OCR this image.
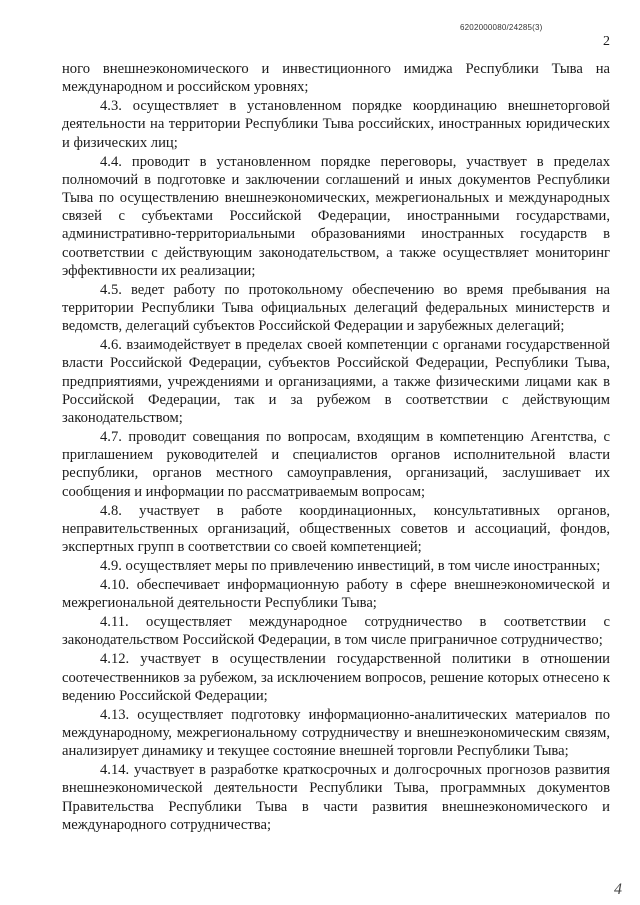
6202000080/24285(3)
2

ного внешнеэкономического и инвестиционного имиджа Республики Тыва на международном и российском уровнях;

4.3. осуществляет в установленном порядке координацию внешнеторговой деятельности на территории Республики Тыва российских, иностранных юридических и физических лиц;

4.4. проводит в установленном порядке переговоры, участвует в пределах полномочий в подготовке и заключении соглашений и иных документов Республики Тыва по осуществлению внешнеэкономических, межрегиональных и международных связей с субъектами Российской Федерации, иностранными государствами, административно-территориальными образованиями иностранных государств в соответствии с действующим законодательством, а также осуществляет мониторинг эффективности их реализации;

4.5. ведет работу по протокольному обеспечению во время пребывания на территории Республики Тыва официальных делегаций федеральных министерств и ведомств, делегаций субъектов Российской Федерации и зарубежных делегаций;

4.6. взаимодействует в пределах своей компетенции с органами государственной власти Российской Федерации, субъектов Российской Федерации, Республики Тыва, предприятиями, учреждениями и организациями, а также физическими лицами как в Российской Федерации, так и за рубежом в соответствии с действующим законодательством;

4.7. проводит совещания по вопросам, входящим в компетенцию Агентства, с приглашением руководителей и специалистов органов исполнительной власти республики, органов местного самоуправления, организаций, заслушивает их сообщения и информации по рассматриваемым вопросам;

4.8. участвует в работе координационных, консультативных органов, неправительственных организаций, общественных советов и ассоциаций, фондов, экспертных групп в соответствии со своей компетенцией;

4.9. осуществляет меры по привлечению инвестиций, в том числе иностранных;

4.10. обеспечивает информационную работу в сфере внешнеэкономической и межрегиональной деятельности Республики Тыва;

4.11. осуществляет международное сотрудничество в соответствии с законодательством Российской Федерации, в том числе приграничное сотрудничество;

4.12. участвует в осуществлении государственной политики в отношении соотечественников за рубежом, за исключением вопросов, решение которых отнесено к ведению Российской Федерации;

4.13. осуществляет подготовку информационно-аналитических материалов по международному, межрегиональному сотрудничеству и внешнеэкономическим связям, анализирует динамику и текущее состояние внешней торговли Республики Тыва;

4.14. участвует в разработке краткосрочных и долгосрочных прогнозов развития внешнеэкономической деятельности Республики Тыва, программных документов Правительства Республики Тыва в части развития внешнеэкономического и международного сотрудничества;

4
